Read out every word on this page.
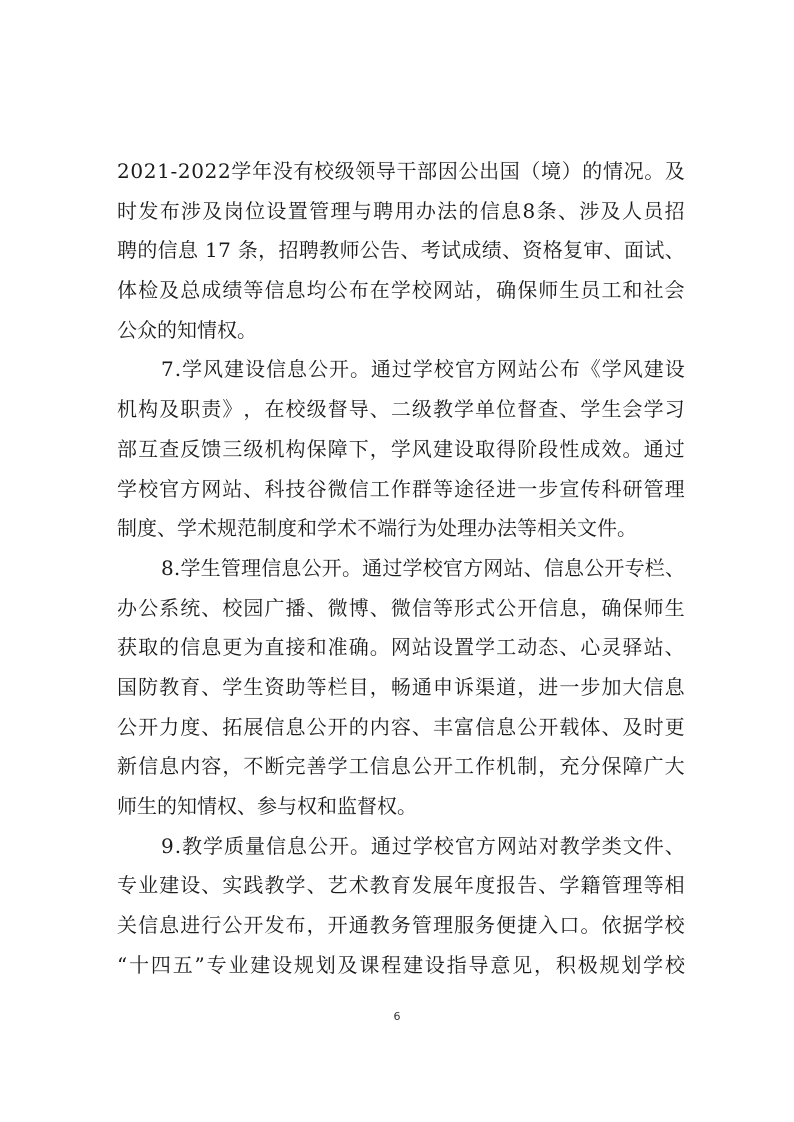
2 0 2 1 - 2 0 2 2 学 年 没 有 校 级 领 导 干 部 因 公 出 国 （ 境 ） 的 情 况 。 及
时 发 布 涉 及 岗 位 设 置 管 理 与 聘 用 办 法 的 信 息 8 条 、 涉 及 人 员 招
聘 的 信 息
1 7
条 ， 招 聘 教 师 公 告 、 考 试 成 绩 、 资 格 复 审 、 面 试 、
体 检 及 总 成 绩 等 信 息 均 公 布 在 学 校 网 站 ， 确 保 师 生 员 工 和 社 会
公众的知情权。
7 . 学 风 建 设 信 息 公 开 。 通 过 学 校 官 方 网 站 公 布 《 学 风 建 设
机 构 及 职 责 》 ， 在 校 级 督 导 、 二 级 教 学 单 位 督 查 、 学 生 会 学 习
部 互 查 反 馈 三 级 机 构 保 障 下 ， 学 风 建 设 取 得 阶 段 性 成 效 。 通 过
学 校 官 方 网 站 、 科 技 谷 微 信 工 作 群 等 途 径 进 一 步 宣 传 科 研 管 理
制度、学术规范制度和学术不端行为处理办法等相关文件。
8 . 学 生 管 理 信 息 公 开 。 通 过 学 校 官 方 网 站 、 信 息 公 开 专 栏 、
办 公 系 统 、 校 园 广 播 、 微 博 、 微 信 等 形 式 公 开 信 息 ， 确 保 师 生
获 取 的 信 息 更 为 直 接 和 准 确 。 网 站 设 置 学 工 动 态 、 心 灵 驿 站 、
国 防 教 育 、 学 生 资 助 等 栏 目 ， 畅 通 申 诉 渠 道 ， 进 一 步 加 大 信 息
公 开 力 度 、 拓 展 信 息 公 开 的 内 容 、 丰 富 信 息 公 开 载 体 、 及 时 更
新 信 息 内 容 ， 不 断 完 善 学 工 信 息 公 开 工 作 机 制 ， 充 分 保 障 广 大
师生的知情权、参与权和监督权。
9 . 教 学 质 量 信 息 公 开 。 通 过 学 校 官 方 网 站 对 教 学 类 文 件 、
专 业 建 设 、 实 践 教 学 、 艺 术 教 育 发 展 年 度 报 告 、 学 籍 管 理 等 相
关 信 息 进 行 公 开 发 布 ， 开 通 教 务 管 理 服 务 便 捷 入 口 。 依 据 学 校
“ 十 四 五 ” 专 业 建 设 规 划 及 课 程 建 设 指 导 意 见 ， 积 极 规 划 学 校
6
